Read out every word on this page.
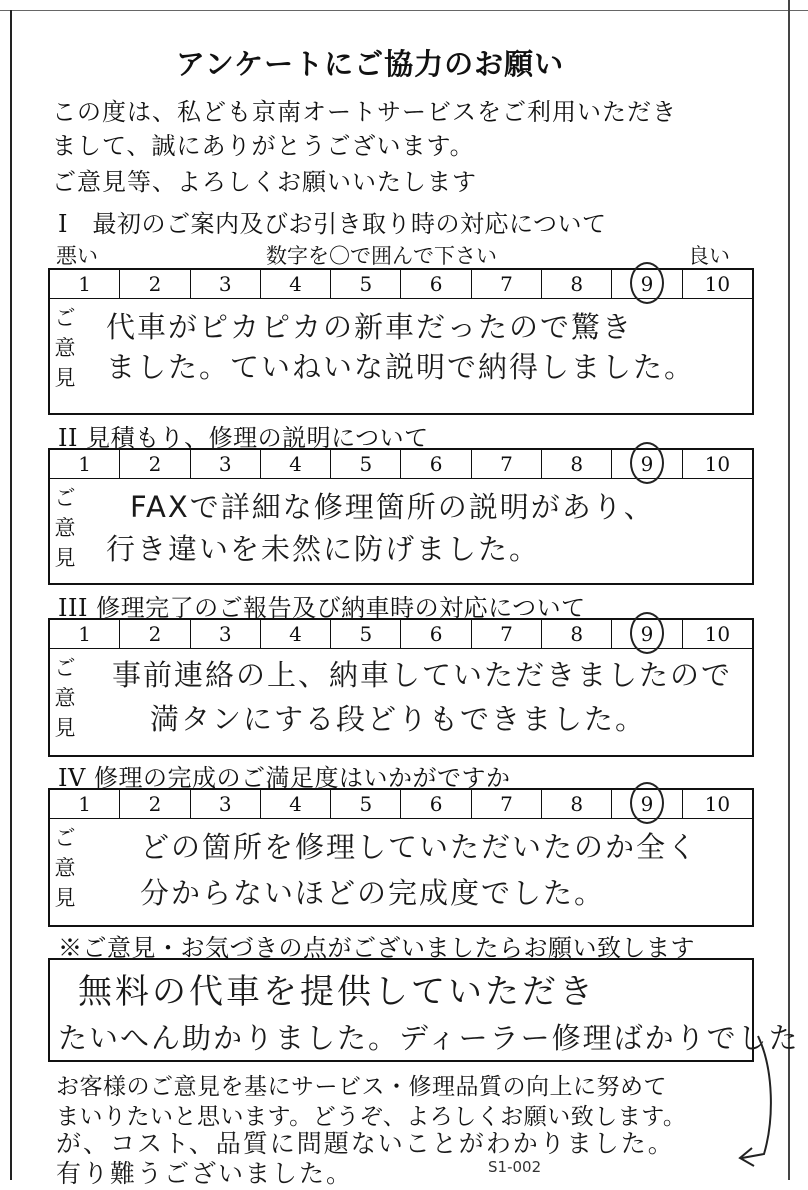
アンケートにご協力のお願い
この度は、私ども京南オートサービスをご利用いただき
まして、誠にありがとうございます。
ご意見等、よろしくお願いいたします
I　最初のご案内及びお引き取り時の対応について
悪い	数字を〇で囲んで下さい	良い
1	2	3	4	5	6	7	8	9	10
ご
意
見
代車がピカピカの新車だったので驚き
ました。ていねいな説明で納得しました。
II 見積もり、修理の説明について
1	2	3	4	5	6	7	8	9	10
ご
意
見
FAXで詳細な修理箇所の説明があり、
行き違いを未然に防げました。
III 修理完了のご報告及び納車時の対応について
1	2	3	4	5	6	7	8	9	10
ご
意
見
事前連絡の上、納車していただきましたので
満タンにする段どりもできました。
IV 修理の完成のご満足度はいかがですか
1	2	3	4	5	6	7	8	9	10
ご
意
見
どの箇所を修理していただいたのか全く
分からないほどの完成度でした。
※ご意見・お気づきの点がございましたらお願い致します
無料の代車を提供していただき
たいへん助かりました。ディーラー修理ばかりでした
お客様のご意見を基にサービス・修理品質の向上に努めて
まいりたいと思います。どうぞ、よろしくお願い致します。
が、コスト、品質に問題ないことがわかりました。
有り難うございました。	S1-002
